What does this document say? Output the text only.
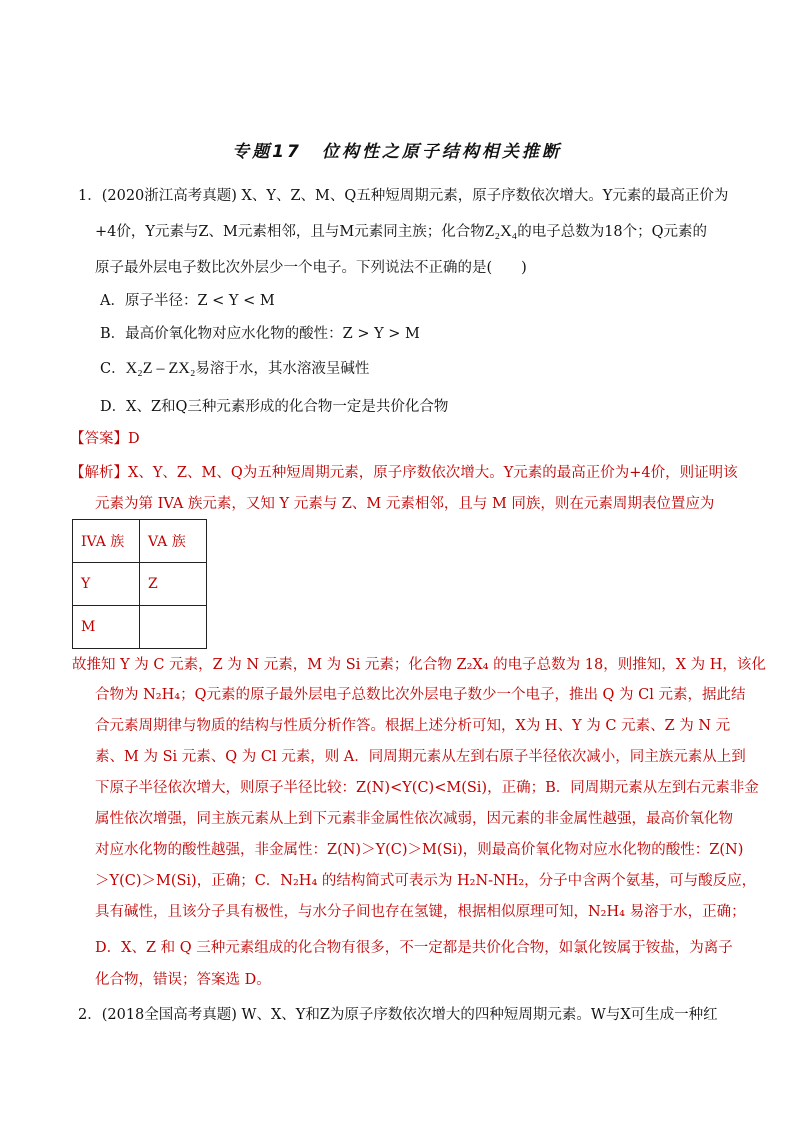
专题17　位构性之原子结构相关推断
1．(2020浙江高考真题) X、Y、Z、M、Q五种短周期元素，原子序数依次增大。Y元素的最高正价为
+4价，Y元素与Z、M元素相邻，且与M元素同主族；化合物Z₂X₄的电子总数为18个；Q元素的
原子最外层电子数比次外层少一个电子。下列说法不正确的是(　　)
A．原子半径：Z < Y < M
B．最高价氧化物对应水化物的酸性：Z > Y > M
C．X₂Z – ZX₂易溶于水，其水溶液呈碱性
D．X、Z和Q三种元素形成的化合物一定是共价化合物
【答案】D
【解析】X、Y、Z、M、Q为五种短周期元素，原子序数依次增大。Y元素的最高正价为+4价，则证明该
元素为第 IVA 族元素，又知 Y 元素与 Z、M 元素相邻，且与 M 同族，则在元素周期表位置应为
IVA 族	VA 族
Y	Z
M	
故推知 Y 为 C 元素，Z 为 N 元素，M 为 Si 元素；化合物 Z₂X₄ 的电子总数为 18，则推知，X 为 H，该化
合物为 N₂H₄；Q元素的原子最外层电子总数比次外层电子数少一个电子，推出 Q 为 Cl 元素，据此结
合元素周期律与物质的结构与性质分析作答。根据上述分析可知，X为 H、Y 为 C 元素、Z 为 N 元
素、M 为 Si 元素、Q 为 Cl 元素，则 A．同周期元素从左到右原子半径依次减小，同主族元素从上到
下原子半径依次增大，则原子半径比较：Z(N)<Y(C)<M(Si)，正确；B．同周期元素从左到右元素非金
属性依次增强，同主族元素从上到下元素非金属性依次减弱，因元素的非金属性越强，最高价氧化物
对应水化物的酸性越强，非金属性：Z(N)＞Y(C)＞M(Si)，则最高价氧化物对应水化物的酸性：Z(N)
＞Y(C)＞M(Si)，正确；C．N₂H₄ 的结构简式可表示为 H₂N-NH₂，分子中含两个氨基，可与酸反应，
具有碱性，且该分子具有极性，与水分子间也存在氢键，根据相似原理可知，N₂H₄ 易溶于水，正确；
D．X、Z 和 Q 三种元素组成的化合物有很多，不一定都是共价化合物，如氯化铵属于铵盐，为离子
化合物，错误；答案选 D。
2．(2018全国高考真题) W、X、Y和Z为原子序数依次增大的四种短周期元素。W与X可生成一种红
